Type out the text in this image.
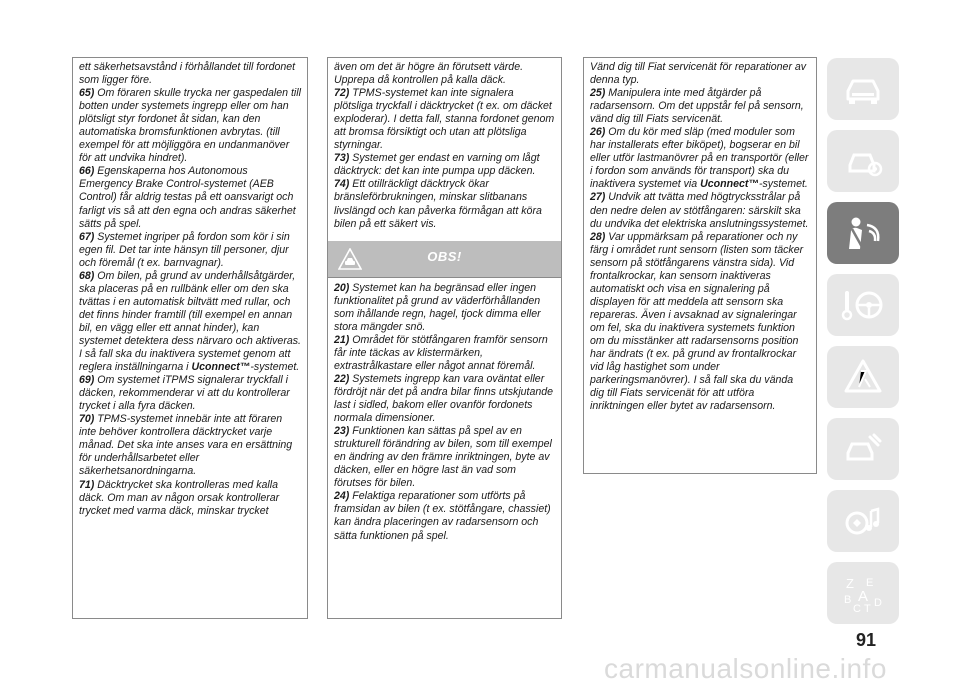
ett säkerhetsavstånd i förhållandet till fordonet som ligger före.

65) Om föraren skulle trycka ner gaspedalen till botten under systemets ingrepp eller om han plötsligt styr fordonet åt sidan, kan den automatiska bromsfunktionen avbrytas. (till exempel för att möjliggöra en undanmanöver för att undvika hindret).

66) Egenskaperna hos Autonomous Emergency Brake Control-systemet (AEB Control) får aldrig testas på ett oansvarigt och farligt vis så att den egna och andras säkerhet sätts på spel.

67) Systemet ingriper på fordon som kör i sin egen fil. Det tar inte hänsyn till personer, djur och föremål (t ex. barnvagnar).

68) Om bilen, på grund av underhållsåtgärder, ska placeras på en rullbänk eller om den ska tvättas i en automatisk biltvätt med rullar, och det finns hinder framtill (till exempel en annan bil, en vägg eller ett annat hinder), kan systemet detektera dess närvaro och aktiveras. I så fall ska du inaktivera systemet genom att reglera inställningarna i Uconnect™-systemet.

69) Om systemet iTPMS signalerar tryckfall i däcken, rekommenderar vi att du kontrollerar trycket i alla fyra däcken.

70) TPMS-systemet innebär inte att föraren inte behöver kontrollera däcktrycket varje månad. Det ska inte anses vara en ersättning för underhållsarbetet eller säkerhetsanordningarna.

71) Däcktrycket ska kontrolleras med kalla däck. Om man av någon orsak kontrollerar trycket med varma däck, minskar trycket

även om det är högre än förutsett värde. Upprepa då kontrollen på kalla däck.

72) TPMS-systemet kan inte signalera plötsliga tryckfall i däcktrycket (t ex. om däcket exploderar). I detta fall, stanna fordonet genom att bromsa försiktigt och utan att plötsliga styrningar.

73) Systemet ger endast en varning om lågt däcktryck: det kan inte pumpa upp däcken.

74) Ett otillräckligt däcktryck ökar bränsleförbrukningen, minskar slitbanans livslängd och kan påverka förmågan att köra bilen på ett säkert vis.

OBS!

20) Systemet kan ha begränsad eller ingen funktionalitet på grund av väderförhållanden som ihållande regn, hagel, tjock dimma eller stora mängder snö.

21) Området för stötfångaren framför sensorn får inte täckas av klistermärken, extrastrålkastare eller något annat föremål.

22) Systemets ingrepp kan vara oväntat eller fördröjt när det på andra bilar finns utskjutande last i sidled, bakom eller ovanför fordonets normala dimensioner.

23) Funktionen kan sättas på spel av en strukturell förändring av bilen, som till exempel en ändring av den främre inriktningen, byte av däcken, eller en högre last än vad som förutses för bilen.

24) Felaktiga reparationer som utförts på framsidan av bilen (t ex. stötfångare, chassiet) kan ändra placeringen av radarsensorn och sätta funktionen på spel.

Vänd dig till Fiat servicenät för reparationer av denna typ.

25) Manipulera inte med åtgärder på radarsensorn. Om det uppstår fel på sensorn, vänd dig till Fiats servicenät.

26) Om du kör med släp (med moduler som har installerats efter biköpet), bogserar en bil eller utför lastmanövrer på en transportör (eller i fordon som används för transport) ska du inaktivera systemet via Uconnect™-systemet.

27) Undvik att tvätta med högtrycksstrålar på den nedre delen av stötfångaren: särskilt ska du undvika det elektriska anslutningssystemet.

28) Var uppmärksam på reparationer och ny färg i området runt sensorn (listen som täcker sensorn på stötfångarens vänstra sida). Vid frontalkrockar, kan sensorn inaktiveras automatiskt och visa en signalering på displayen för att meddela att sensorn ska repareras. Även i avsaknad av signaleringar om fel, ska du inaktivera systemets funktion om du misstänker att radarsensorns position har ändrats (t ex. på grund av frontalkrockar vid låg hastighet som under parkeringsmanövrer). I så fall ska du vända dig till Fiats servicenät för att utföra inriktningen eller bytet av radarsensorn.

Z E
B A
C T D
91
carmanualsonline.info
